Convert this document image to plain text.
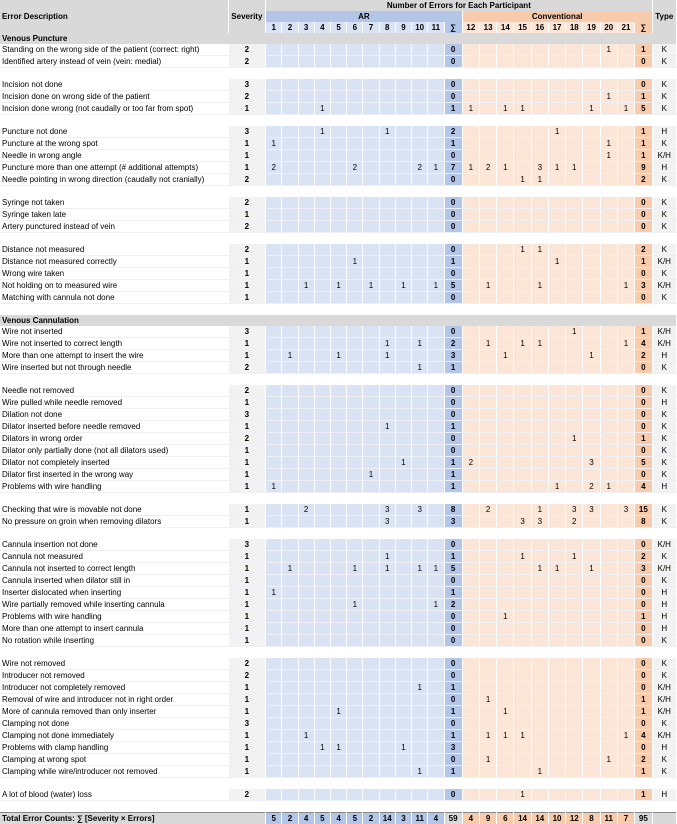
Error Description	Severity	Number of Errors for Each Participant																							Type
		AR												Conventional											
		1	2	3	4	5	6	7	8	9	10	11	∑	12	13	14	15	16	17	18	19	20	21	∑	
Venous Puncture																									
Standing on the wrong side of the patient (correct: right)	2												0									1		1	K
Identified artery instead of vein (vein: medial)	2												0											0	K

Incision not done	3												0											0	K
Incision done on wrong side of the patient	2												0									1		1	K
Incision done wrong (not caudally or too far from spot)	1				1								1	1		1	1				1		1	5	K

Puncture not done	3				1				1				2						1					1	H
Puncture at the wrong spot	1	1											1									1		1	K
Needle in wrong angle	1												0									1		1	K/H
Puncture more than one attempt (# additional attempts)	1	2					2				2	1	7	1	2	1		3	1	1				9	H
Needle pointing in wrong direction (caudally not cranially)	2												0				1	1						2	K

Syringe not taken	2												0											0	K
Syringe taken late	1												0											0	K
Artery punctured instead of vein	2												0											0	K

Distance not measured	2												0				1	1						2	K
Distance not measured correctly	1						1						1						1					1	K/H
Wrong wire taken	1												0											0	K
Not holding on to measured wire	1			1		1		1		1		1	5		1			1					1	3	K/H
Matching with cannula not done	1												0											0	K

Venous Cannulation																									
Wire not inserted	3												0							1				1	K/H
Wire not inserted to correct length	1								1		1		2		1		1	1					1	4	K/H
More than one attempt to insert the wire	1		1			1			1				3			1					1			2	H
Wire inserted but not through needle	2										1		1											0	K

Needle not removed	2												0											0	K
Wire pulled while needle removed	1												0											0	H
Dilation not done	3												0											0	K
Dilator inserted before needle removed	1								1				1											0	K
Dilators in wrong order	2												0							1				1	K
Dilator only partially done (not all dilators used)	1												0											0	K
Dilator not completely inserted	1									1			1	2							3			5	K
Dilator first inserted in the wrong way	1							1					1											0	K
Problems with wire handling	1	1											1						1		2	1		4	H

Checking that wire is movable not done	1			2					3		3		8		2			1		3	3		3	15	K
No pressure on groin when removing dilators	1								3				3				3	3		2				8	K

Cannula insertion not done	3												0											0	K/H
Cannula not measured	1								1				1				1			1				2	K
Cannula not inserted to correct length	1		1				1		1		1	1	5					1	1		1			3	K/H
Cannula inserted when dilator still in	1												0											0	K
Inserter dislocated when inserting	1	1											1											0	H
Wire partially removed while inserting cannula	1						1					1	2											0	H
Problems with wire handling	1												0			1								1	H
More than one attempt to insert cannula	1												0											0	H
No rotation while inserting	1												0											0	K

Wire not removed	2												0											0	K
Introducer not removed	2												0											0	K
Introducer not completely removed	1										1		1											0	K/H
Removal of wire and introducer not in right order	1												0		1									1	K/H
More of cannula removed than only inserter	1					1							1			1								1	K/H
Clamping not done	3												0											0	K
Clamping not done immediately	1			1									1		1	1	1						1	4	K/H
Problems with clamp handling	1				1	1				1			3											0	H
Clamping at wrong spot	1												0		1							1		2	K
Clamping while wire/introducer not removed	1										1		1					1						1	K

A lot of blood (water) loss	2												0				1							1	H

Total Error Counts: ∑ [Severity × Errors]		5	2	4	5	4	5	2	14	3	11	4	59	4	9	6	14	14	10	12	8	11	7	95	
